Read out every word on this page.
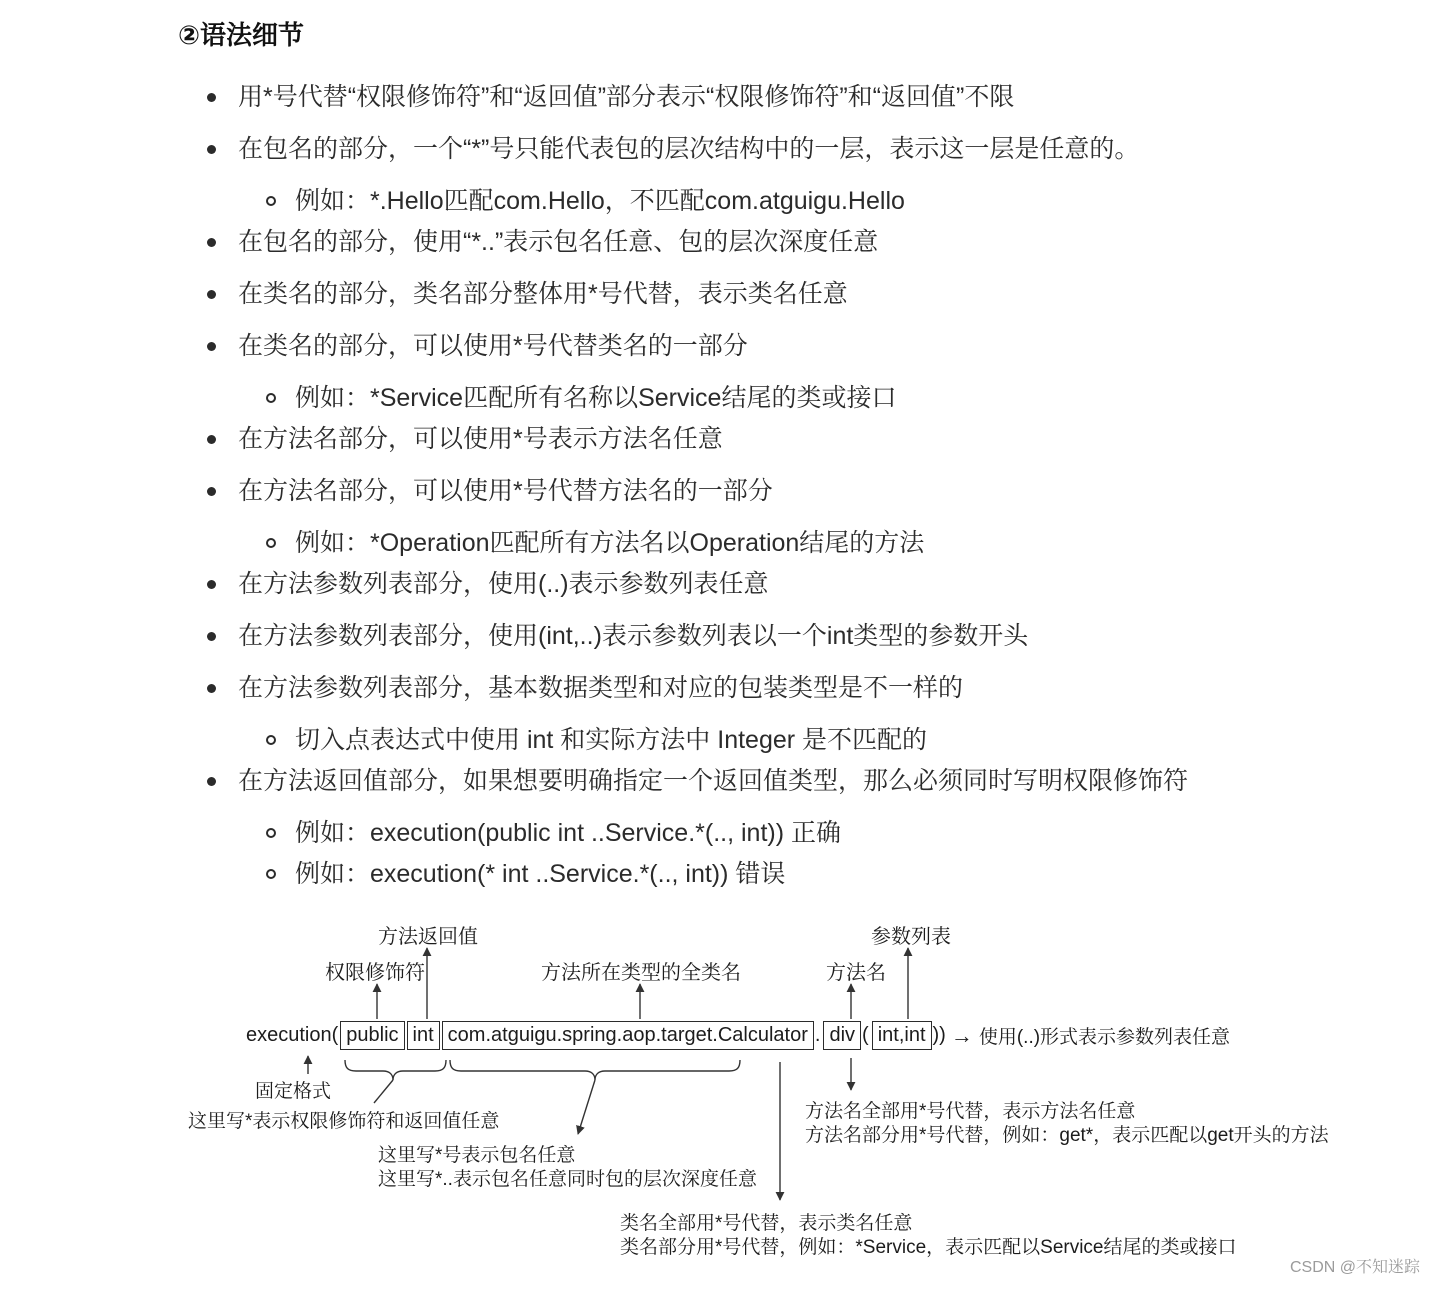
②语法细节
用*号代替“权限修饰符”和“返回值”部分表示“权限修饰符”和“返回值”不限
在包名的部分，一个“*”号只能代表包的层次结构中的一层，表示这一层是任意的。
例如：*.Hello匹配com.Hello，不匹配com.atguigu.Hello
在包名的部分，使用“*..”表示包名任意、包的层次深度任意
在类名的部分，类名部分整体用*号代替，表示类名任意
在类名的部分，可以使用*号代替类名的一部分
例如：*Service匹配所有名称以Service结尾的类或接口
在方法名部分，可以使用*号表示方法名任意
在方法名部分，可以使用*号代替方法名的一部分
例如：*Operation匹配所有方法名以Operation结尾的方法
在方法参数列表部分，使用(..)表示参数列表任意
在方法参数列表部分，使用(int,..)表示参数列表以一个int类型的参数开头
在方法参数列表部分，基本数据类型和对应的包装类型是不一样的
切入点表达式中使用 int 和实际方法中 Integer 是不匹配的
在方法返回值部分，如果想要明确指定一个返回值类型，那么必须同时写明权限修饰符
例如：execution(public int ..Service.*(.., int)) 正确
例如：execution(* int ..Service.*(.., int)) 错误
方法返回值
权限修饰符	方法所在类型的全类名	方法名
参数列表
execution( public int com.atguigu.spring.aop.target.Calculator . div ( int,int )) → 使用(..)形式表示参数列表任意
固定格式
这里写*表示权限修饰符和返回值任意
这里写*号表示包名任意
这里写*..表示包名任意同时包的层次深度任意
方法名全部用*号代替，表示方法名任意
方法名部分用*号代替，例如：get*，表示匹配以get开头的方法
类名全部用*号代替，表示类名任意
类名部分用*号代替，例如：*Service，表示匹配以Service结尾的类或接口
CSDN @不知迷踪
